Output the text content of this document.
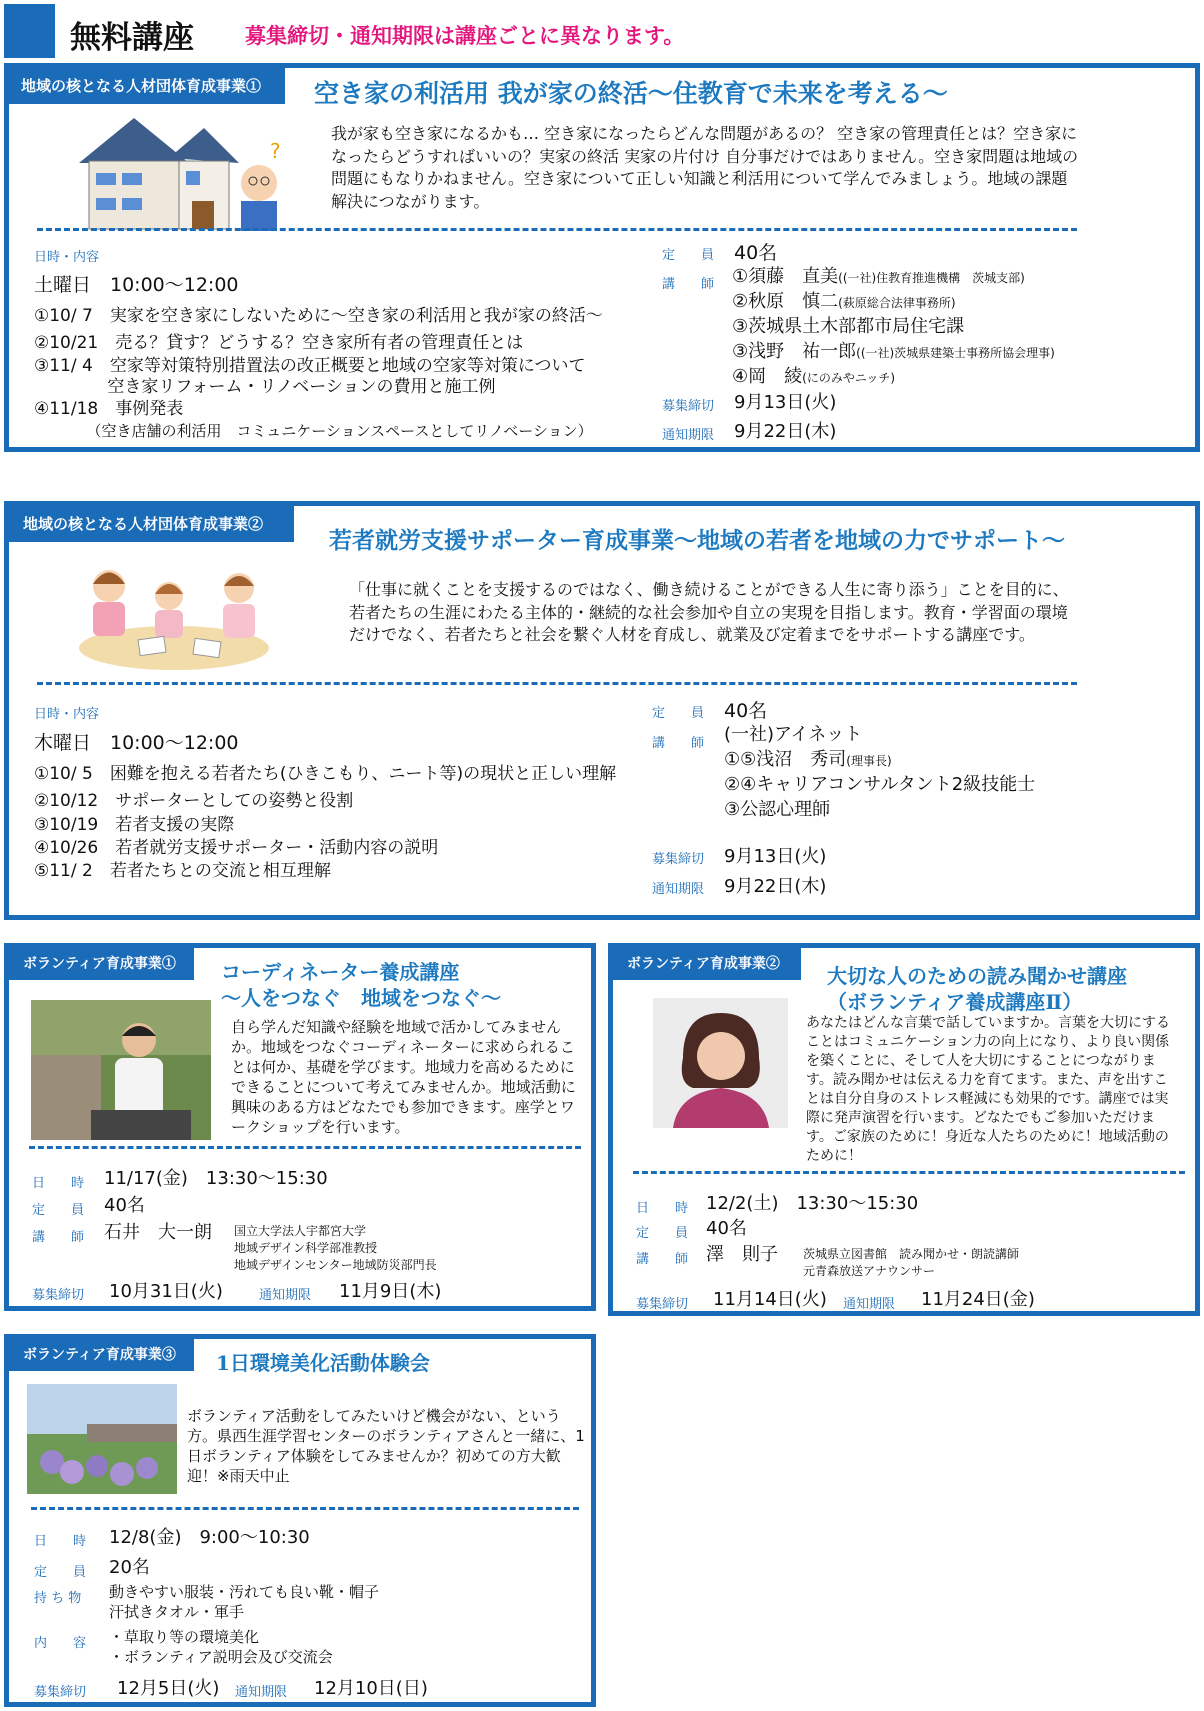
無料講座 募集締切・通知期限は講座ごとに異なります。
地域の核となる人材団体育成事業①	空き家の利活用 我が家の終活～住教育で未来を考える～
?
我が家も空き家になるかも… 空き家になったらどんな問題があるの？ 空き家の管理責任とは？空き家になったらどうすればいいの？実家の終活 実家の片付け 自分事だけではありません。空き家問題は地域の問題にもなりかねません。空き家について正しい知識と利活用について学んでみましょう。地域の課題解決につながります。
日時・内容
土曜日　10:00～12:00
①10/ 7　実家を空き家にしないために～空き家の利活用と我が家の終活～
②10/21　売る？貸す？どうする？空き家所有者の管理責任とは
③11/ 4　空家等対策特別措置法の改正概要と地域の空家等対策について
　　　　 空き家リフォーム・リノベーションの費用と施工例
④11/18　事例発表
　　　　（空き店舗の利活用　コミュニケーションスペースとしてリノベーション）
定　　員 40名
講　　師 ①須藤　直美((一社)住教育推進機構　茨城支部)
②秋原　慎二(萩原総合法律事務所)
③茨城県土木部都市局住宅課
③浅野　祐一郎((一社)茨城県建築士事務所協会理事)
④岡　綾(にのみやニッチ)
募集締切 9月13日(火)
通知期限 9月22日(木)
地域の核となる人材団体育成事業②
若者就労支援サポーター育成事業～地域の若者を地域の力でサポート～
「仕事に就くことを支援するのではなく、働き続けることができる人生に寄り添う」ことを目的に、若者たちの生涯にわたる主体的・継続的な社会参加や自立の実現を目指します。教育・学習面の環境だけでなく、若者たちと社会を繋ぐ人材を育成し、就業及び定着までをサポートする講座です。
日時・内容
木曜日　10:00～12:00
①10/ 5　困難を抱える若者たち(ひきこもり、ニート等)の現状と正しい理解
②10/12　サポーターとしての姿勢と役割
③10/19　若者支援の実際
④10/26　若者就労支援サポーター・活動内容の説明
⑤11/ 2　若者たちとの交流と相互理解
定　　員 40名
講　　師 (一社)アイネット
①⑤浅沼　秀司(理事長)
②④キャリアコンサルタント2級技能士
③公認心理師
募集締切 9月13日(火)
通知期限 9月22日(木)
ボランティア育成事業①	コーディネーター養成講座
～人をつなぐ　地域をつなぐ～
自ら学んだ知識や経験を地域で活かしてみませんか。地域をつなぐコーディネーターに求められることは何か、基礎を学びます。地域力を高めるためにできることについて考えてみませんか。地域活動に興味のある方はどなたでも参加できます。座学とワークショップを行います。
日　　時 11/17(金)　13:30～15:30
定　　員 40名
講　　師 石井　大一朗 国立大学法人宇都宮大学
地域デザイン科学部准教授
地域デザインセンター地域防災部門長
募集締切 10月31日(火)	通知期限 11月9日(木)
ボランティア育成事業②	大切な人のための読み聞かせ講座
（ボランティア養成講座Ⅱ）
あなたはどんな言葉で話していますか。言葉を大切にすることはコミュニケーション力の向上になり、より良い関係を築くことに、そして人を大切にすることにつながります。読み聞かせは伝える力を育てます。また、声を出すことは自分自身のストレス軽減にも効果的です。講座では実際に発声演習を行います。どなたでもご参加いただけます。ご家族のために！身近な人たちのために！地域活動のために！
日　　時 12/2(土)　13:30～15:30
定　　員 40名
講　　師 澤　則子 茨城県立図書館　読み聞かせ・朗読講師
元青森放送アナウンサー
募集締切 11月14日(火) 通知期限 11月24日(金)
ボランティア育成事業③	1日環境美化活動体験会
ボランティア活動をしてみたいけど機会がない、という方。県西生涯学習センターのボランティアさんと一緒に、1日ボランティア体験をしてみませんか？初めての方大歓迎！※雨天中止
日　　時 12/8(金)　9:00～10:30
定　　員 20名
持 ち 物 動きやすい服装・汚れても良い靴・帽子
汗拭きタオル・軍手
内　　容 ・草取り等の環境美化
・ボランティア説明会及び交流会
募集締切 12月5日(火) 通知期限 12月10日(日)
